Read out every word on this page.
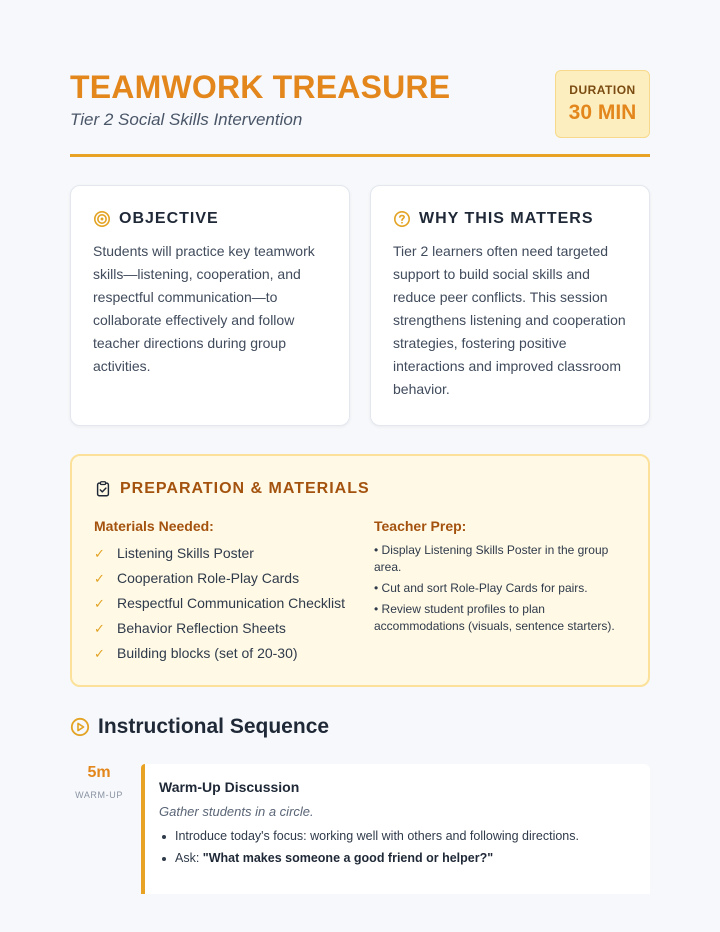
TEAMWORK TREASURE
Tier 2 Social Skills Intervention
DURATION
30 MIN
OBJECTIVE

Students will practice key teamwork skills—listening, cooperation, and respectful communication—to collaborate effectively and follow teacher directions during group activities.

WHY THIS MATTERS

Tier 2 learners often need targeted support to build social skills and reduce peer conflicts. This session strengthens listening and cooperation strategies, fostering positive interactions and improved classroom behavior.

PREPARATION & MATERIALS
Materials Needed:
✓ Listening Skills Poster
✓ Cooperation Role-Play Cards
✓ Respectful Communication Checklist
✓ Behavior Reflection Sheets
✓ Building blocks (set of 20-30)
Teacher Prep:
• Display Listening Skills Poster in the group area.
• Cut and sort Role-Play Cards for pairs.
• Review student profiles to plan accommodations (visuals, sentence starters).
Instructional Sequence
5m
WARM-UP	Warm-Up Discussion
Gather students in a circle.
Introduce today's focus: working well with others and following directions.
Ask: "What makes someone a good friend or helper?"
